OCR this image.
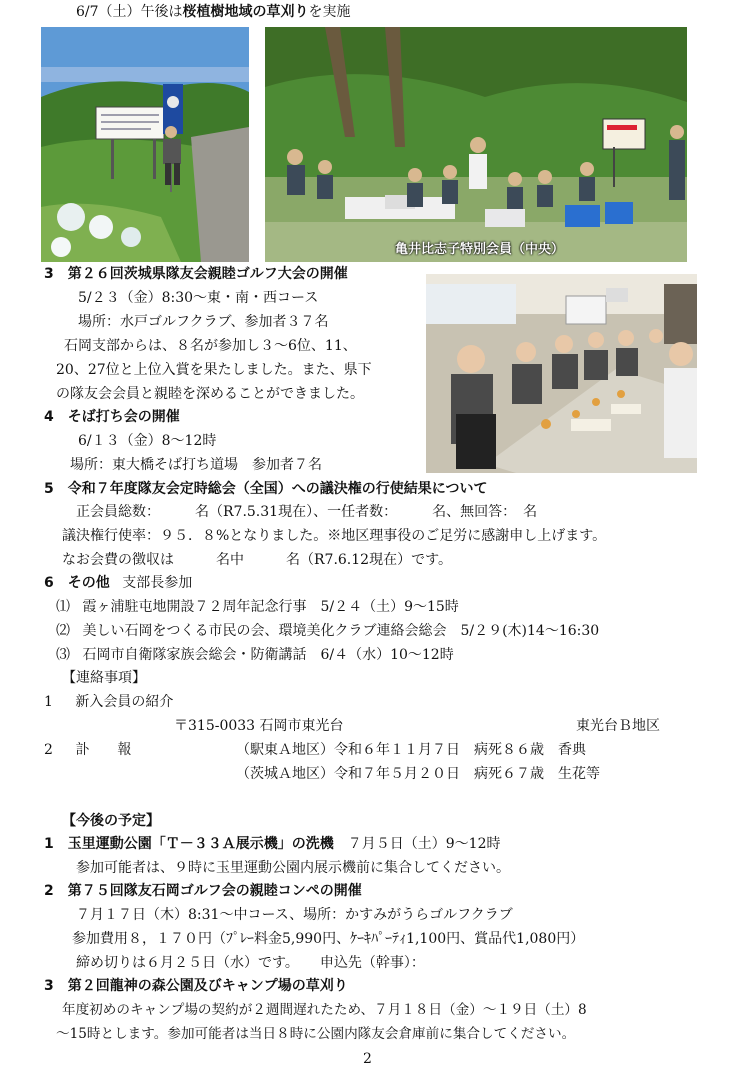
6/7（土）午後は桜植樹地域の草刈りを実施
亀井比志子特別会員（中央）
3　第２６回茨城県隊友会親睦ゴルフ大会の開催
5/２３（金）8:30～東・南・西コース
場所：水戸ゴルフクラブ、参加者３７名
石岡支部からは、８名が参加し３～6位、11、
20、27位と上位入賞を果たしました。また、県下
の隊友会会員と親睦を深めることができました。
4　そば打ち会の開催
6/１３（金）8～12時
場所：東大橋そば打ち道場　参加者７名
5　令和７年度隊友会定時総会（全国）への議決権の行使結果について
正会員総数：　　　名（R7.5.31現在）、一任者数：　　　名、無回答：　名
議決権行使率：９５．８%となりました。※地区理事役のご足労に感謝申し上げます。
なお会費の徴収は　　　名中　　　名（R7.6.12現在）です。
6　その他 支部長参加
⑴ 霞ヶ浦駐屯地開設７２周年記念行事　5/２４（土）9～15時
⑵ 美しい石岡をつくる市民の会、環境美化クラブ連絡会総会　5/２９(木)14～16:30
⑶ 石岡市自衛隊家族会総会・防衛講話　6/４（水）10～12時
【連絡事項】
1 新入会員の紹介
〒315-0033 石岡市東光台	東光台Ｂ地区
2 訃　　報	（駅東Ａ地区）令和６年１１月７日　病死８６歳　香典
（茨城Ａ地区）令和７年５月２０日　病死６７歳　生花等
【今後の予定】
1　玉里運動公園「Ｔ－３３Ａ展示機」の洗機　７月５日（土）9～12時
参加可能者は、９時に玉里運動公園内展示機前に集合してください。
2　第７５回隊友石岡ゴルフ会の親睦コンペの開催
７月１７日（木）8:31～中コース、場所：かすみがうらゴルフクラブ
参加費用８，１７０円（ﾌﾟﾚｰ料金5,990円、ｹｰｷﾊﾟｰﾃｨ1,100円、賞品代1,080円）
締め切りは６月２５日（水）です。　　申込先（幹事）：
3　第２回龍神の森公園及びキャンプ場の草刈り
年度初めのキャンプ場の契約が２週間遅れたため、７月１８日（金）～１９日（土）8
～15時とします。参加可能者は当日８時に公園内隊友会倉庫前に集合してください。
2
